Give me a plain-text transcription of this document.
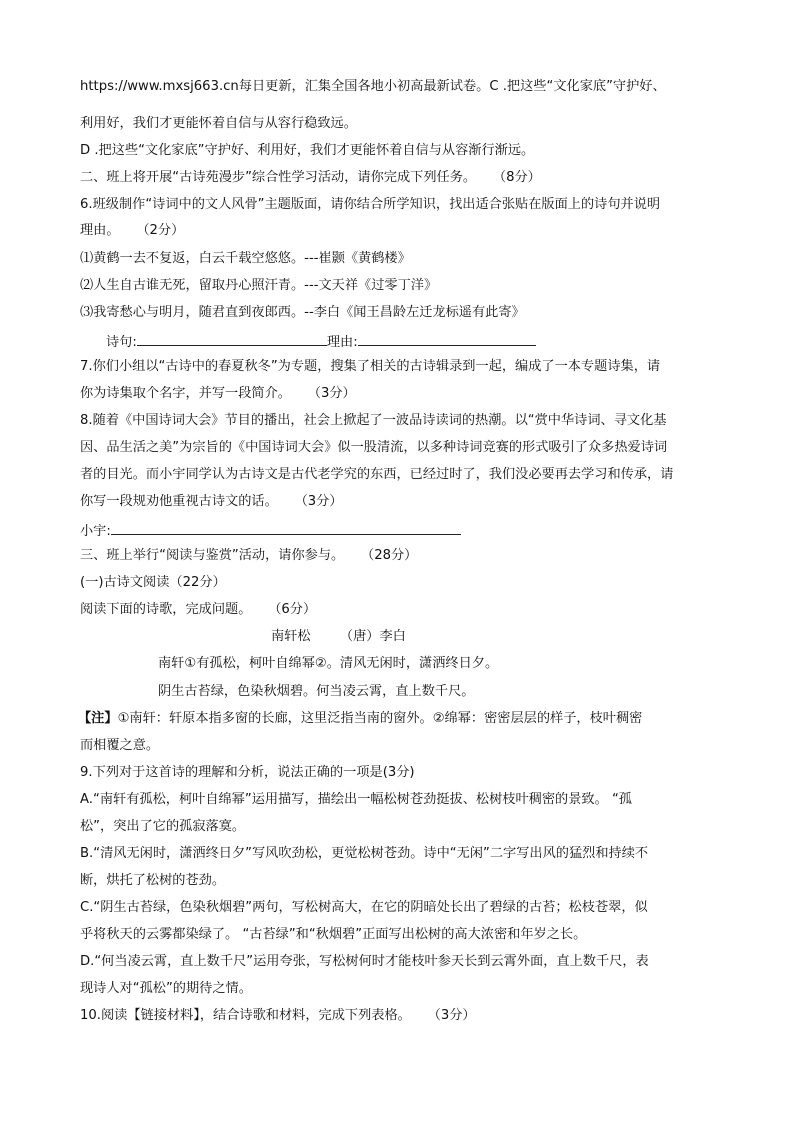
https://www.mxsj663.cn每日更新，汇集全国各地小初高最新试卷。C .把这些“文化家底”守护好、
利用好，我们才更能怀着自信与从容行稳致远。
D .把这些“文化家底”守护好、利用好，我们才更能怀着自信与从容渐行渐远。
二、班上将开展“古诗苑漫步”综合性学习活动，请你完成下列任务。 （8分）
6.班级制作“诗词中的文人风骨”主题版面，请你结合所学知识，找出适合张贴在版面上的诗句并说明
理由。 （2分）
⑴黄鹤一去不复返，白云千载空悠悠。---崔颢《黄鹤楼》
⑵人生自古谁无死，留取丹心照汗青。---文天祥《过零丁洋》
⑶我寄愁心与明月，随君直到夜郎西。--李白《闻王昌龄左迁龙标遥有此寄》
诗句:	理由:
7.你们小组以“古诗中的春夏秋冬”为专题，搜集了相关的古诗辑录到一起，编成了一本专题诗集，请
你为诗集取个名字，并写一段简介。 （3分）
8.随着《中国诗词大会》节目的播出，社会上掀起了一波品诗读词的热潮。以“赏中华诗词、寻文化基
因、品生活之美”为宗旨的《中国诗词大会》似一股清流，以多种诗词竞赛的形式吸引了众多热爱诗词
者的目光。而小宇同学认为古诗文是古代老学究的东西，已经过时了，我们没必要再去学习和传承，请
你写一段规劝他重视古诗文的话。 （3分）
小宇:
三、班上举行“阅读与鉴赏”活动，请你参与。 （28分）
(一)古诗文阅读（22分）
阅读下面的诗歌，完成问题。 （6分）
南轩松 （唐）李白
南轩①有孤松，柯叶自绵幂②。清风无闲时，潇洒终日夕。
阴生古苔绿，色染秋烟碧。何当凌云霄，直上数千尺。
【注】①南轩：轩原本指多窗的长廊，这里泛指当南的窗外。②绵幂：密密层层的样子，枝叶稠密
而相覆之意。
9.下列对于这首诗的理解和分析，说法正确的一项是(3分)
A.“南轩有孤松，柯叶自绵幂”运用描写，描绘出一幅松树苍劲挺拔、松树枝叶稠密的景致。 “孤
松”，突出了它的孤寂落寞。
B.“清风无闲时，潇洒终日夕”写风吹劲松，更觉松树苍劲。诗中“无闲”二字写出风的猛烈和持续不
断，烘托了松树的苍劲。
C.“阴生古苔绿，色染秋烟碧”两句，写松树高大，在它的阴暗处长出了碧绿的古苔；松枝苍翠，似
乎将秋天的云雾都染绿了。 “古苔绿”和“秋烟碧”正面写出松树的高大浓密和年岁之长。
D.“何当凌云霄，直上数千尺”运用夸张，写松树何时才能枝叶参天长到云霄外面，直上数千尺，表
现诗人对“孤松”的期待之情。
10.阅读【链接材料】，结合诗歌和材料，完成下列表格。 （3分）
